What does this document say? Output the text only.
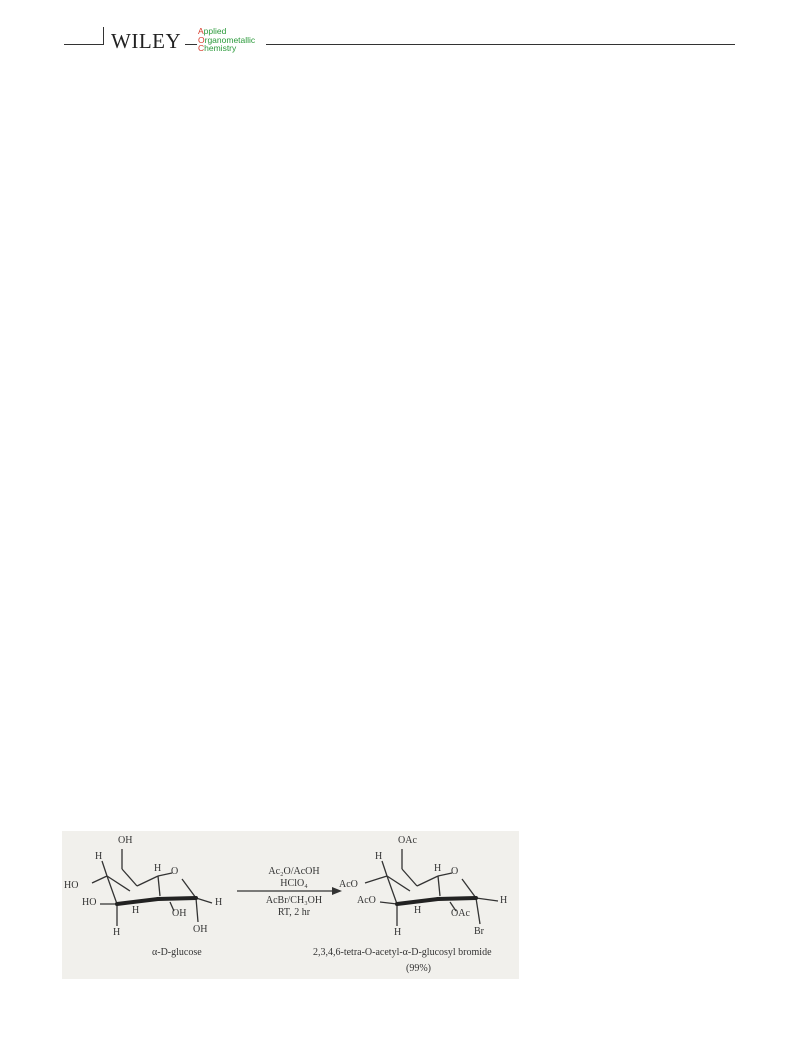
WILEY Applied
Organometallic
Chemistry
OH
H
HO
HO
H O
H
H	OH
OH
H
α-D-glucose
Ac₂O/AcOH
HClO₄
AcBr/CH₃OH
RT, 2 hr
OAc
H
AcO
AcO
H O
H
H	OAc
Br
H
2,3,4,6-tetra-O-acetyl-α-D-glucosyl bromide
(99%)
